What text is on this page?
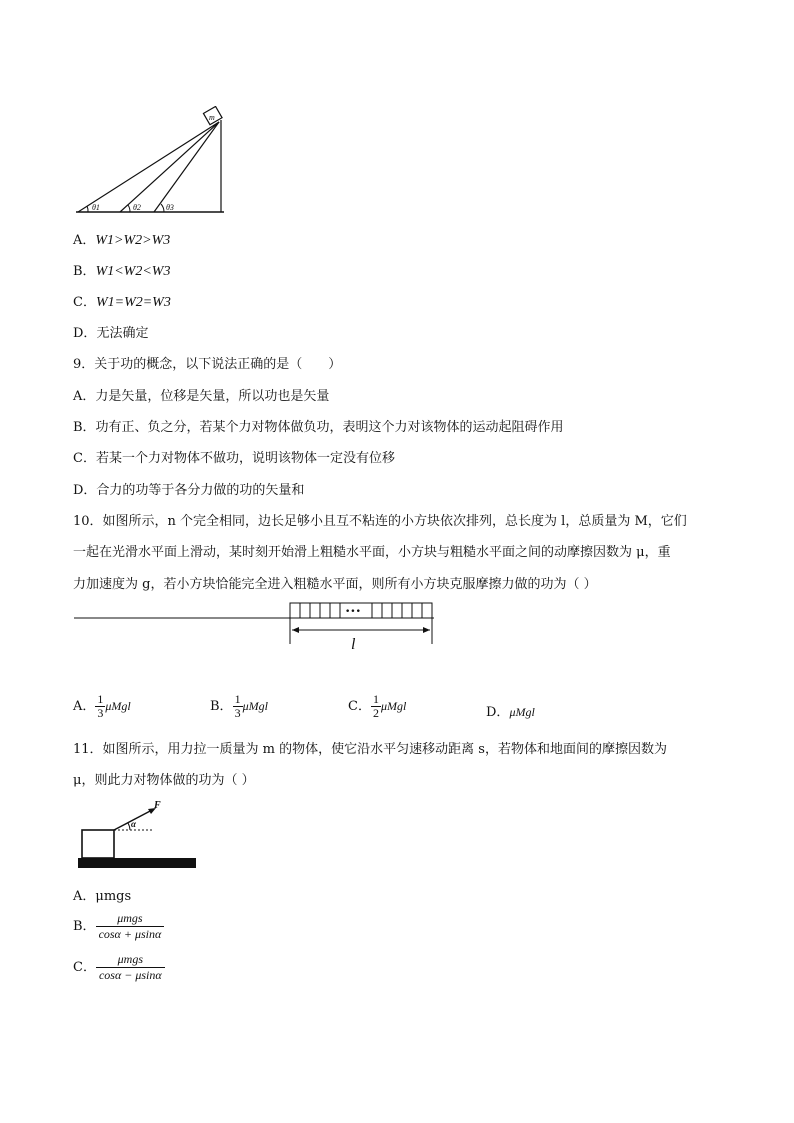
m
θ1	θ2	θ3
A．W1>W2>W3
B．W1<W2<W3
C．W1=W2=W3
D．无法确定
9．关于功的概念，以下说法正确的是（　　）
A．力是矢量，位移是矢量，所以功也是矢量
B．功有正、负之分，若某个力对物体做负功，表明这个力对该物体的运动起阻碍作用
C．若某一个力对物体不做功，说明该物体一定没有位移
D．合力的功等于各分力做的功的矢量和
10．如图所示，n 个完全相同，边长足够小且互不粘连的小方块依次排列，总长度为 l，总质量为 M，它们
一起在光滑水平面上滑动，某时刻开始滑上粗糙水平面，小方块与粗糙水平面之间的动摩擦因数为 μ，重
力加速度为 g，若小方块恰能完全进入粗糙水平面，则所有小方块克服摩擦力做的功为（ ）
•••
l
A． $\frac{1}{3}$ μMgl	B． $\frac{1}{3}$ μMgl	C． $\frac{1}{2}$ μMgl	D．μMgl
11．如图所示，用力拉一质量为 m 的物体，使它沿水平匀速移动距离 s，若物体和地面间的摩擦因数为
μ，则此力对物体做的功为（ ）
F
α
A．μmgs
B． $\frac{\text{μmgs}}{\cos\alpha + \mu\sin\alpha}$
C． $\frac{\text{μmgs}}{\cos\alpha - \mu\sin\alpha}$
